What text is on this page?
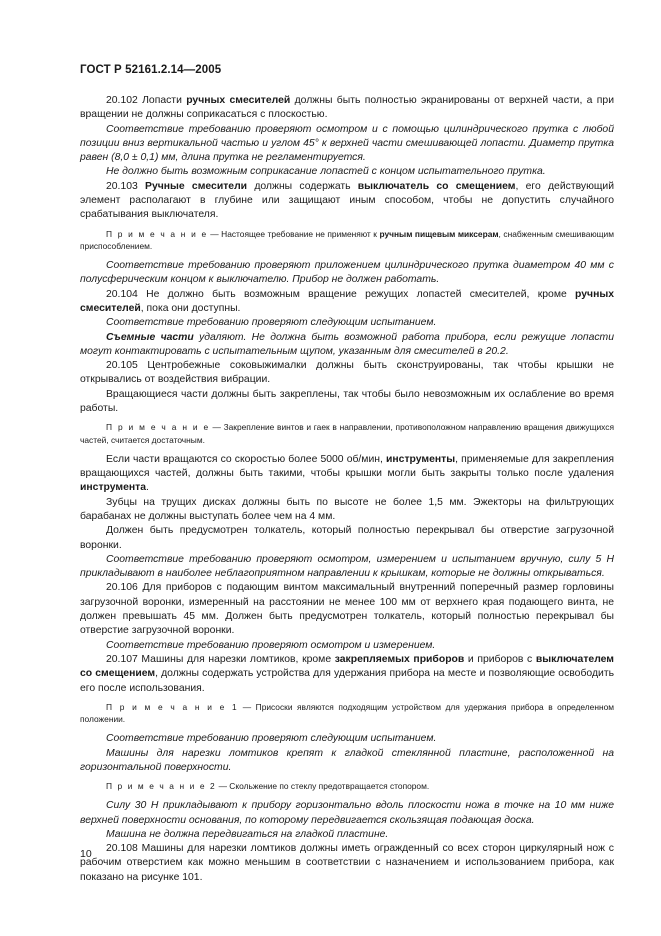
ГОСТ Р 52161.2.14—2005

20.102 Лопасти ручных смесителей должны быть полностью экранированы от верхней части, а при вращении не должны соприкасаться с плоскостью.

Соответствие требованию проверяют осмотром и с помощью цилиндрического прутка с любой позиции вниз вертикальной частью и углом 45° к верхней части смешивающей лопасти. Диаметр прутка равен (8,0 ± 0,1) мм, длина прутка не регламентируется.

Не должно быть возможным соприкасание лопастей с концом испытательного прутка.

20.103 Ручные смесители должны содержать выключатель со смещением, его действующий элемент располагают в глубине или защищают иным способом, чтобы не допустить случайного срабатывания выключателя.

П р и м е ч а н и е — Настоящее требование не применяют к ручным пищевым миксерам, снабженным смешивающим приспособлением.

Соответствие требованию проверяют приложением цилиндрического прутка диаметром 40 мм с полусферическим концом к выключателю. Прибор не должен работать.

20.104 Не должно быть возможным вращение режущих лопастей смесителей, кроме ручных смесителей, пока они доступны.

Соответствие требованию проверяют следующим испытанием.

Съемные части удаляют. Не должна быть возможной работа прибора, если режущие лопасти могут контактировать с испытательным щупом, указанным для смесителей в 20.2.

20.105 Центробежные соковыжималки должны быть сконструированы, так чтобы крышки не открывались от воздействия вибрации.

Вращающиеся части должны быть закреплены, так чтобы было невозможным их ослабление во время работы.

П р и м е ч а н и е — Закрепление винтов и гаек в направлении, противоположном направлению вращения движущихся частей, считается достаточным.

Если части вращаются со скоростью более 5000 об/мин, инструменты, применяемые для закрепления вращающихся частей, должны быть такими, чтобы крышки могли быть закрыты только после удаления инструмента.

Зубцы на трущих дисках должны быть по высоте не более 1,5 мм. Эжекторы на фильтрующих барабанах не должны выступать более чем на 4 мм.

Должен быть предусмотрен толкатель, который полностью перекрывал бы отверстие загрузочной воронки.

Соответствие требованию проверяют осмотром, измерением и испытанием вручную, силу 5 Н прикладывают в наиболее неблагоприятном направлении к крышкам, которые не должны открываться.

20.106 Для приборов с подающим винтом максимальный внутренний поперечный размер горловины загрузочной воронки, измеренный на расстоянии не менее 100 мм от верхнего края подающего винта, не должен превышать 45 мм. Должен быть предусмотрен толкатель, который полностью перекрывал бы отверстие загрузочной воронки.

Соответствие требованию проверяют осмотром и измерением.

20.107 Машины для нарезки ломтиков, кроме закрепляемых приборов и приборов с выключателем со смещением, должны содержать устройства для удержания прибора на месте и позволяющие освободить его после использования.

П р и м е ч а н и е 1 — Присоски являются подходящим устройством для удержания прибора в определенном положении.

Соответствие требованию проверяют следующим испытанием.

Машины для нарезки ломтиков крепят к гладкой стеклянной пластине, расположенной на горизонтальной поверхности.

П р и м е ч а н и е 2 — Скольжение по стеклу предотвращается стопором.

Силу 30 Н прикладывают к прибору горизонтально вдоль плоскости ножа в точке на 10 мм ниже верхней поверхности основания, по которому передвигается скользящая подающая доска.

Машина не должна передвигаться на гладкой пластине.

20.108 Машины для нарезки ломтиков должны иметь огражденный со всех сторон циркулярный нож с рабочим отверстием как можно меньшим в соответствии с назначением и использованием прибора, как показано на рисунке 101.

10
